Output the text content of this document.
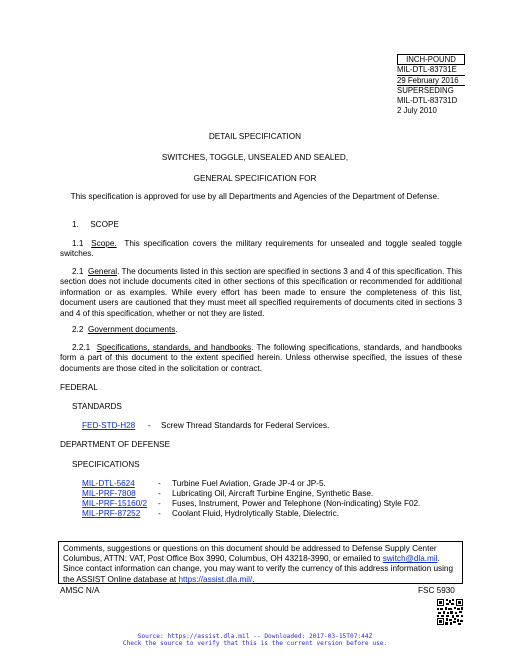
INCH-POUND
MIL-DTL-83731E
29 February 2016
SUPERSEDING
MIL-DTL-83731D
2 July 2010
DETAIL SPECIFICATION
SWITCHES, TOGGLE, UNSEALED AND SEALED,
GENERAL SPECIFICATION FOR
This specification is approved for use by all Departments and Agencies of the Department of Defense.
1.     SCOPE
1.1 Scope. This specification covers the military requirements for unsealed and toggle sealed toggle switches.
2.1 General. The documents listed in this section are specified in sections 3 and 4 of this specification. This section does not include documents cited in other sections of this specification or recommended for additional information or as examples. While every effort has been made to ensure the completeness of this list, document users are cautioned that they must meet all specified requirements of documents cited in sections 3 and 4 of this specification, whether or not they are listed.
2.2 Government documents.
2.2.1 Specifications, standards, and handbooks. The following specifications, standards, and handbooks form a part of this document to the extent specified herein. Unless otherwise specified, the issues of these documents are those cited in the solicitation or contract.
FEDERAL
STANDARDS
FED-STD-H28 - Screw Thread Standards for Federal Services.
DEPARTMENT OF DEFENSE
SPECIFICATIONS
MIL-DTL-5624	- Turbine Fuel Aviation, Grade JP-4 or JP-5.
MIL-PRF-7808	- Lubricating Oil, Aircraft Turbine Engine, Synthetic Base.
MIL-PRF-15160/2 - Fuses, Instrument, Power and Telephone (Non-indicating) Style F02.
MIL-PRF-87252 - Coolant Fluid, Hydrolytically Stable, Dielectric.
Comments, suggestions or questions on this document should be addressed to Defense Supply Center Columbus, ATTN: VAT, Post Office Box 3990, Columbus, OH 43218-3990, or emailed to switch@dla.mil. Since contact information can change, you may want to verify the currency of this address information using the ASSIST Online database at https://assist.dla.mil/.
AMSC N/A	FSC 5930
Source: https://assist.dla.mil -- Downloaded: 2017-03-15T07:44Z
Check the source to verify that this is the current version before use.
